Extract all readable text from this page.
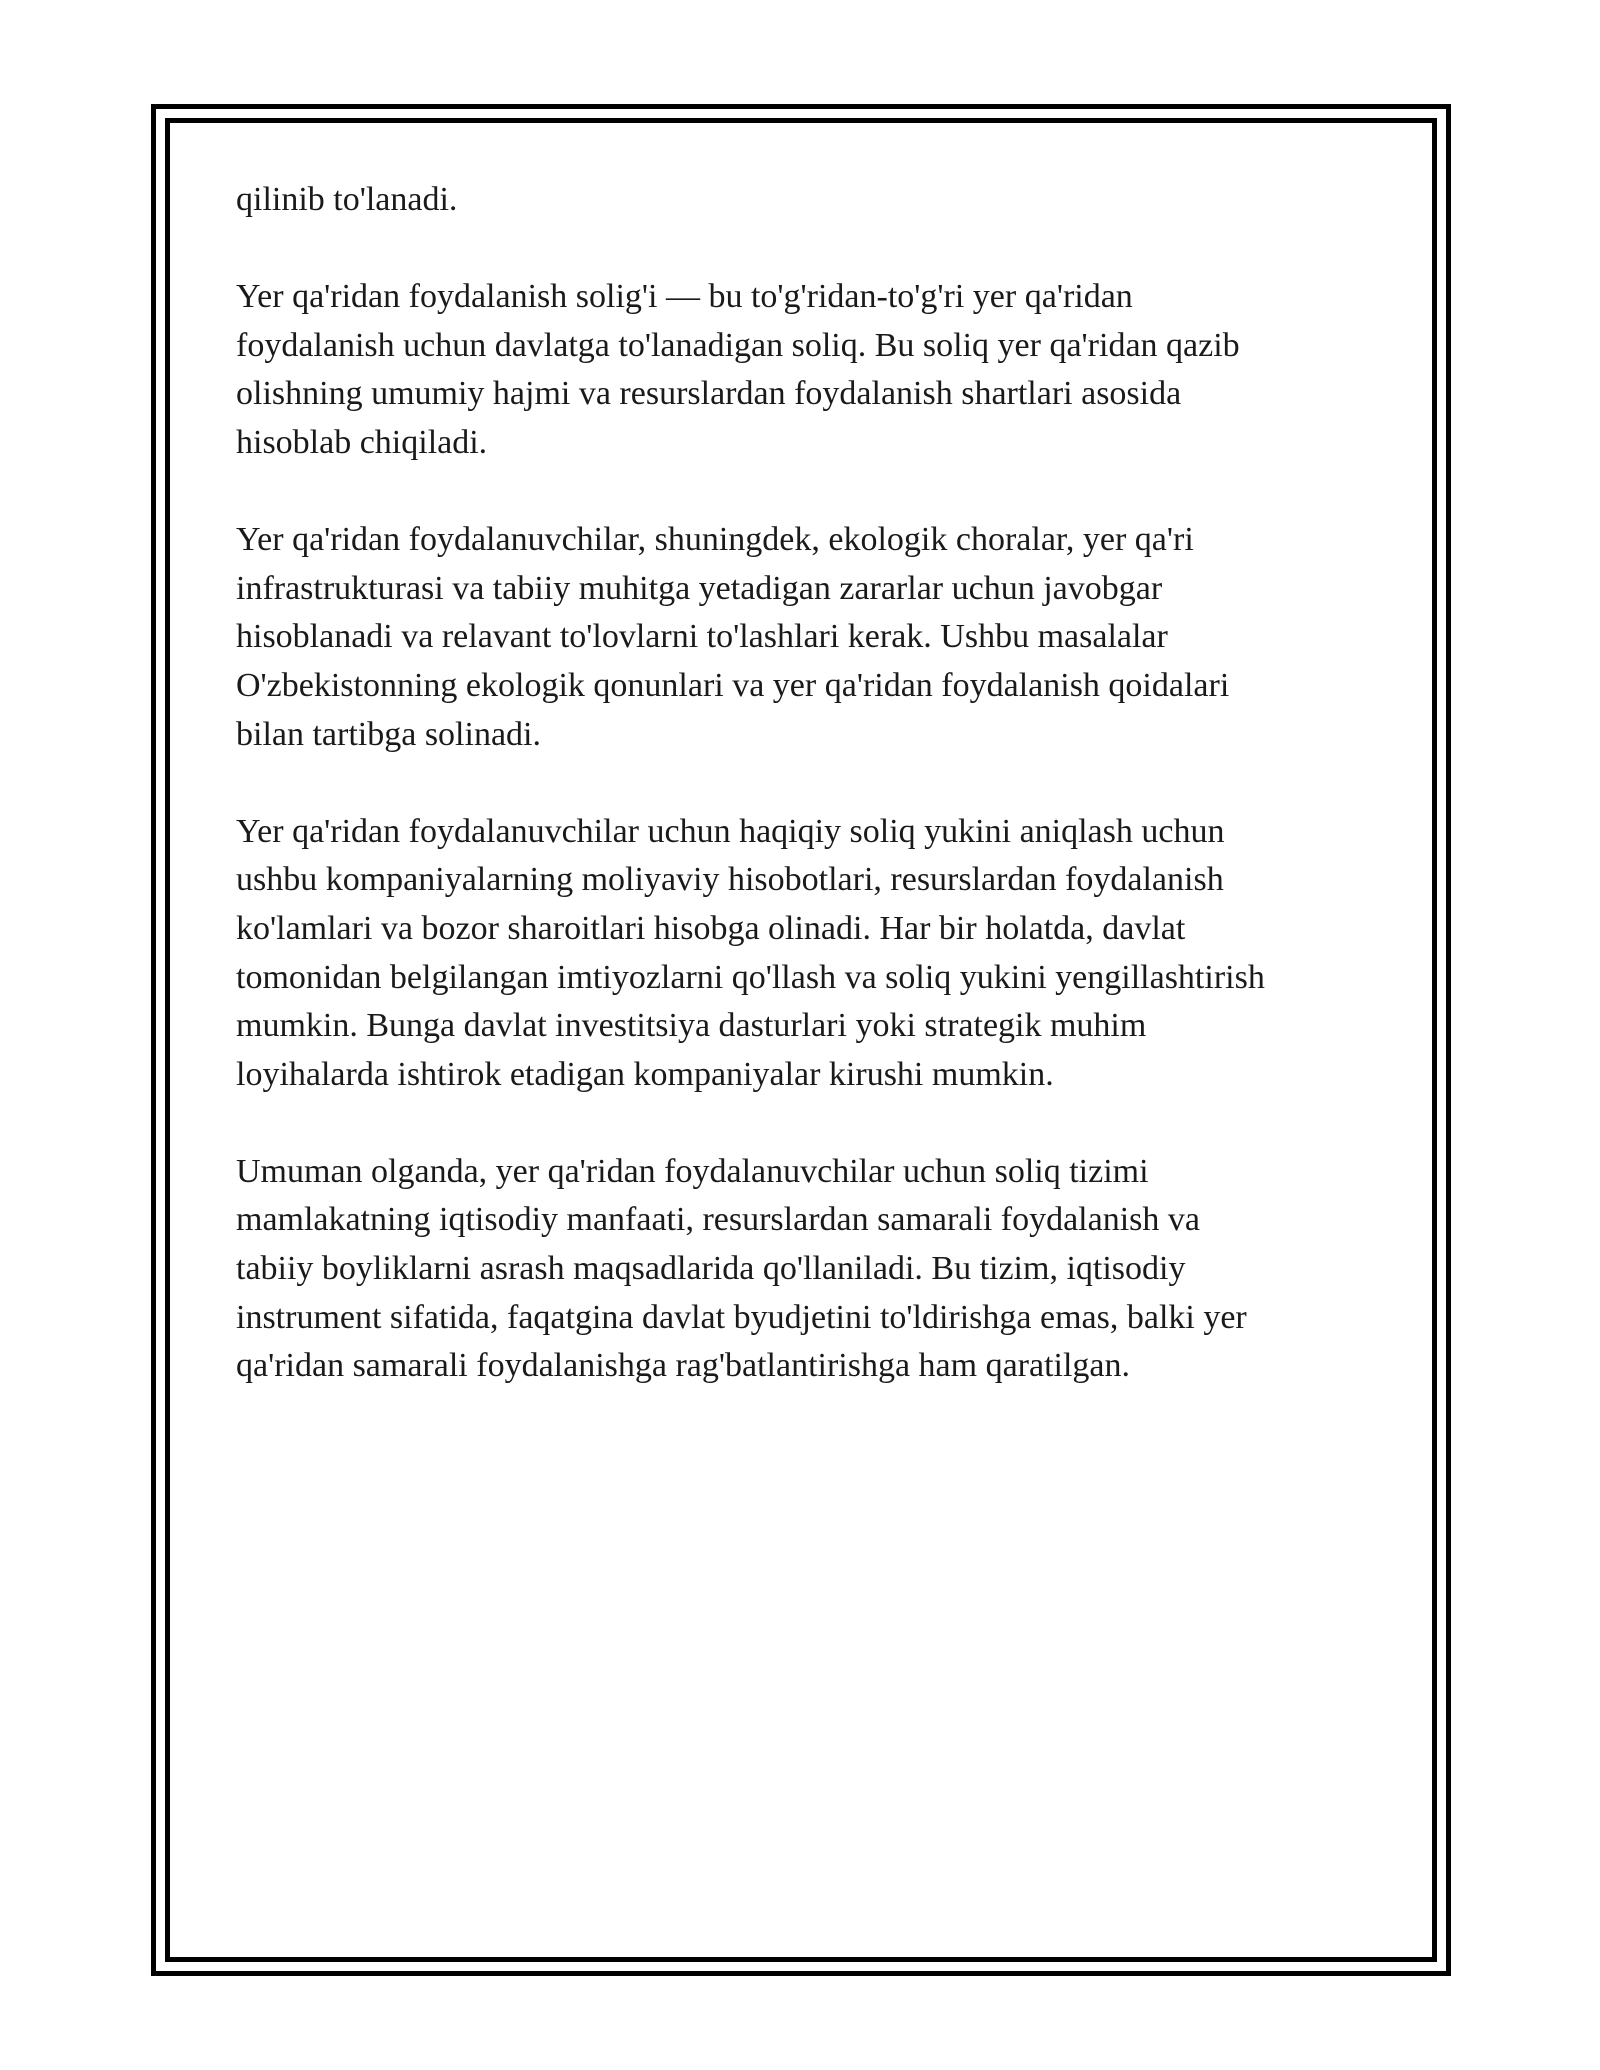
qilinib to'lanadi.

Yer qa'ridan foydalanish solig'i — bu to'g'ridan-to'g'ri yer qa'ridan
foydalanish uchun davlatga to'lanadigan soliq. Bu soliq yer qa'ridan qazib
olishning umumiy hajmi va resurslardan foydalanish shartlari asosida
hisoblab chiqiladi.

Yer qa'ridan foydalanuvchilar, shuningdek, ekologik choralar, yer qa'ri
infrastrukturasi va tabiiy muhitga yetadigan zararlar uchun javobgar
hisoblanadi va relavant to'lovlarni to'lashlari kerak. Ushbu masalalar
O'zbekistonning ekologik qonunlari va yer qa'ridan foydalanish qoidalari
bilan tartibga solinadi.

Yer qa'ridan foydalanuvchilar uchun haqiqiy soliq yukini aniqlash uchun
ushbu kompaniyalarning moliyaviy hisobotlari, resurslardan foydalanish
ko'lamlari va bozor sharoitlari hisobga olinadi. Har bir holatda, davlat
tomonidan belgilangan imtiyozlarni qo'llash va soliq yukini yengillashtirish
mumkin. Bunga davlat investitsiya dasturlari yoki strategik muhim
loyihalarda ishtirok etadigan kompaniyalar kirushi mumkin.

Umuman olganda, yer qa'ridan foydalanuvchilar uchun soliq tizimi
mamlakatning iqtisodiy manfaati, resurslardan samarali foydalanish va
tabiiy boyliklarni asrash maqsadlarida qo'llaniladi. Bu tizim, iqtisodiy
instrument sifatida, faqatgina davlat byudjetini to'ldirishga emas, balki yer
qa'ridan samarali foydalanishga rag'batlantirishga ham qaratilgan.
